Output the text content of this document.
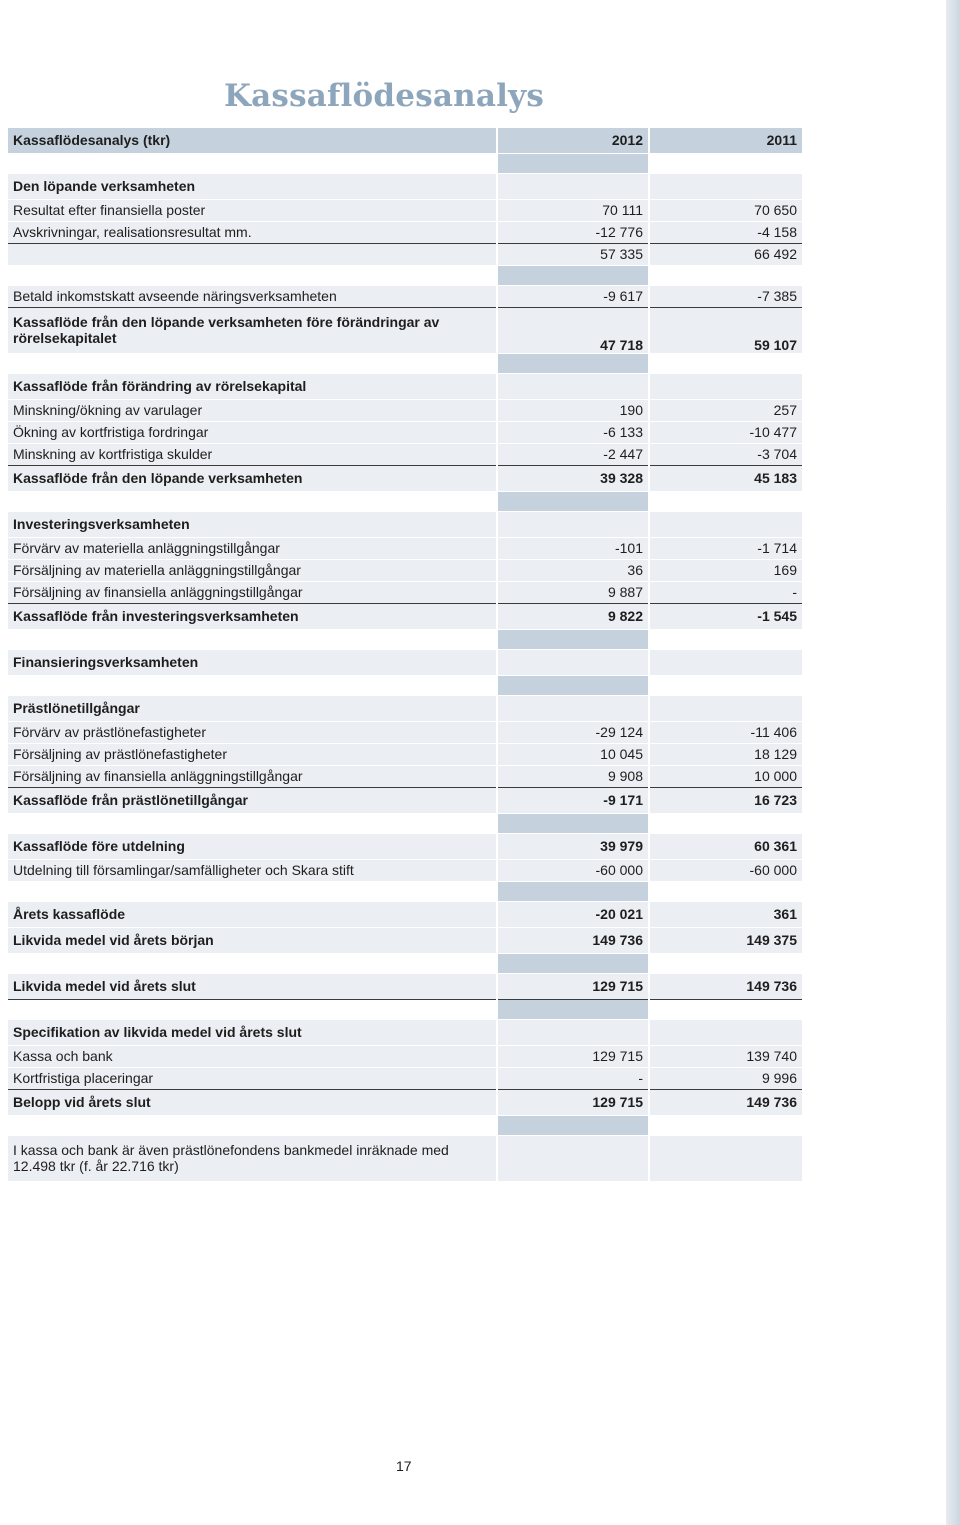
Kassaflödesanalys
Kassaflödesanalys (tkr)	2012	2011

Den löpande verksamheten		
Resultat efter finansiella poster	70 111	70 650
Avskrivningar, realisationsresultat mm.	-12 776	-4 158
	57 335	66 492

Betald inkomstskatt avseende näringsverksamheten	-9 617	-7 385
Kassaflöde från den löpande verksamheten före förändringar av rörelsekapitalet	47 718	59 107

Kassaflöde från förändring av rörelsekapital		
Minskning/ökning av varulager	190	257
Ökning av kortfristiga fordringar	-6 133	-10 477
Minskning av kortfristiga skulder	-2 447	-3 704
Kassaflöde från den löpande verksamheten	39 328	45 183

Investeringsverksamheten		
Förvärv av materiella anläggningstillgångar	-101	-1 714
Försäljning av materiella anläggningstillgångar	36	169
Försäljning av finansiella anläggningstillgångar	9 887	-
Kassaflöde från investeringsverksamheten	9 822	-1 545

Finansieringsverksamheten		

Prästlönetillgångar		
Förvärv av prästlönefastigheter	-29 124	-11 406
Försäljning av prästlönefastigheter	10 045	18 129
Försäljning av finansiella anläggningstillgångar	9 908	10 000
Kassaflöde från prästlönetillgångar	-9 171	16 723

Kassaflöde före utdelning	39 979	60 361
Utdelning till församlingar/samfälligheter och Skara stift	-60 000	-60 000

Årets kassaflöde	-20 021	361
Likvida medel vid årets början	149 736	149 375

Likvida medel vid årets slut	129 715	149 736

Specifikation av likvida medel vid årets slut		
Kassa och bank	129 715	139 740
Kortfristiga placeringar	-	9 996
Belopp vid årets slut	129 715	149 736

I kassa och bank är även prästlönefondens bankmedel inräknade med 12.498 tkr (f. år 22.716 tkr)		
17
